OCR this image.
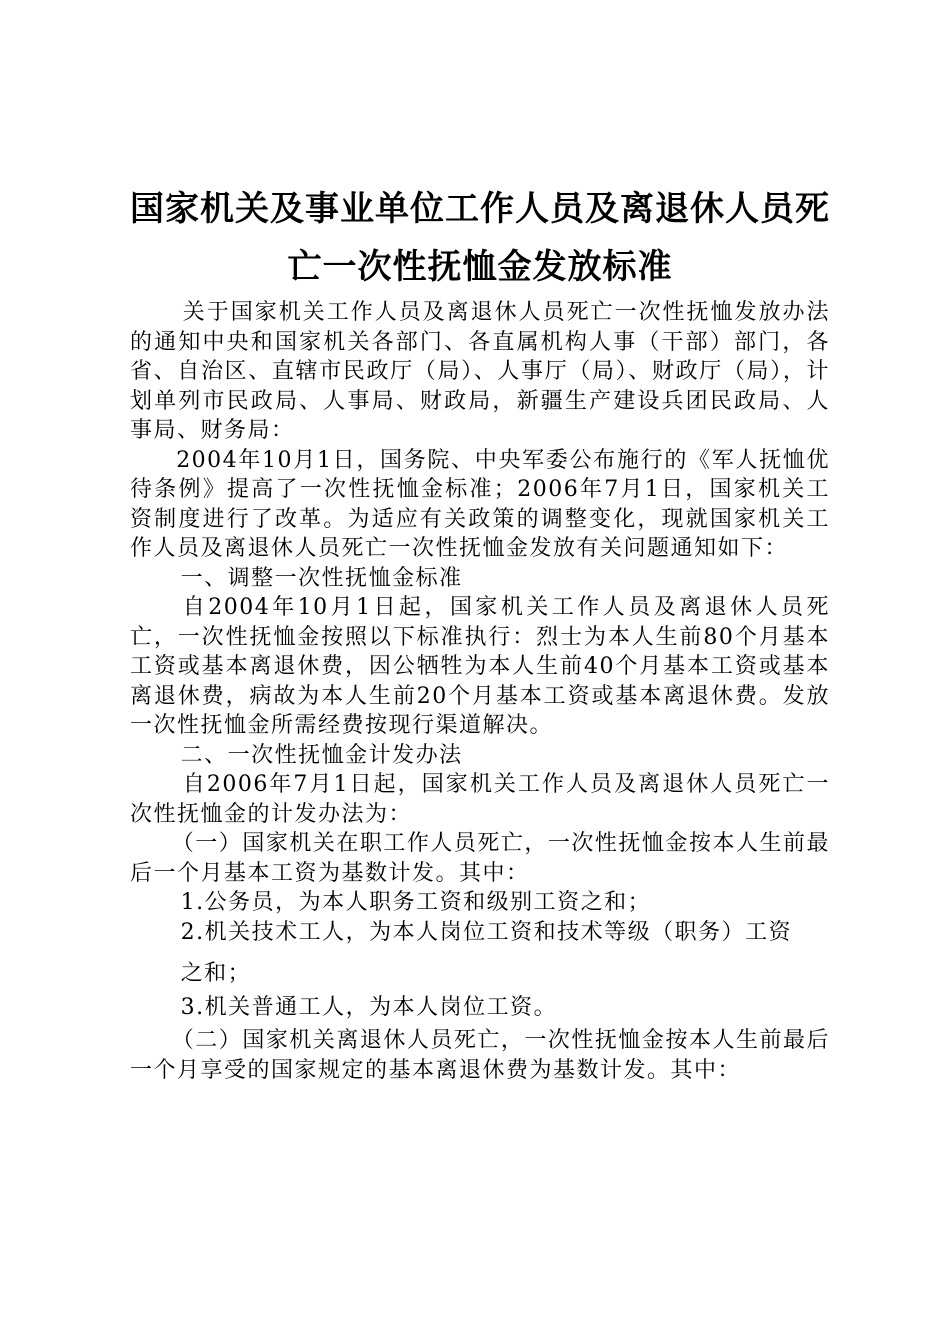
国家机关及事业单位工作人员及离退休人员死
亡一次性抚恤金发放标准

关于国家机关工作人员及离退休人员死亡一次性抚恤发放办法的通知中央和国家机关各部门、各直属机构人事（干部）部门，各省、自治区、直辖市民政厅（局）、人事厅（局）、财政厅（局），计划单列市民政局、人事局、财政局，新疆生产建设兵团民政局、人事局、财务局：

2004年10月1日，国务院、中央军委公布施行的《军人抚恤优待条例》提高了一次性抚恤金标准；2006年7月1日，国家机关工资制度进行了改革。为适应有关政策的调整变化，现就国家机关工作人员及离退休人员死亡一次性抚恤金发放有关问题通知如下：

一、调整一次性抚恤金标准

自2004年10月1日起，国家机关工作人员及离退休人员死亡，一次性抚恤金按照以下标准执行：烈士为本人生前80个月基本工资或基本离退休费，因公牺牲为本人生前40个月基本工资或基本离退休费，病故为本人生前20个月基本工资或基本离退休费。发放一次性抚恤金所需经费按现行渠道解决。

二、一次性抚恤金计发办法

自2006年7月1日起，国家机关工作人员及离退休人员死亡一次性抚恤金的计发办法为：

（一）国家机关在职工作人员死亡，一次性抚恤金按本人生前最后一个月基本工资为基数计发。其中：

1.公务员，为本人职务工资和级别工资之和；

2.机关技术工人，为本人岗位工资和技术等级（职务）工资

之和；

3.机关普通工人，为本人岗位工资。

（二）国家机关离退休人员死亡，一次性抚恤金按本人生前最后一个月享受的国家规定的基本离退休费为基数计发。其中：
